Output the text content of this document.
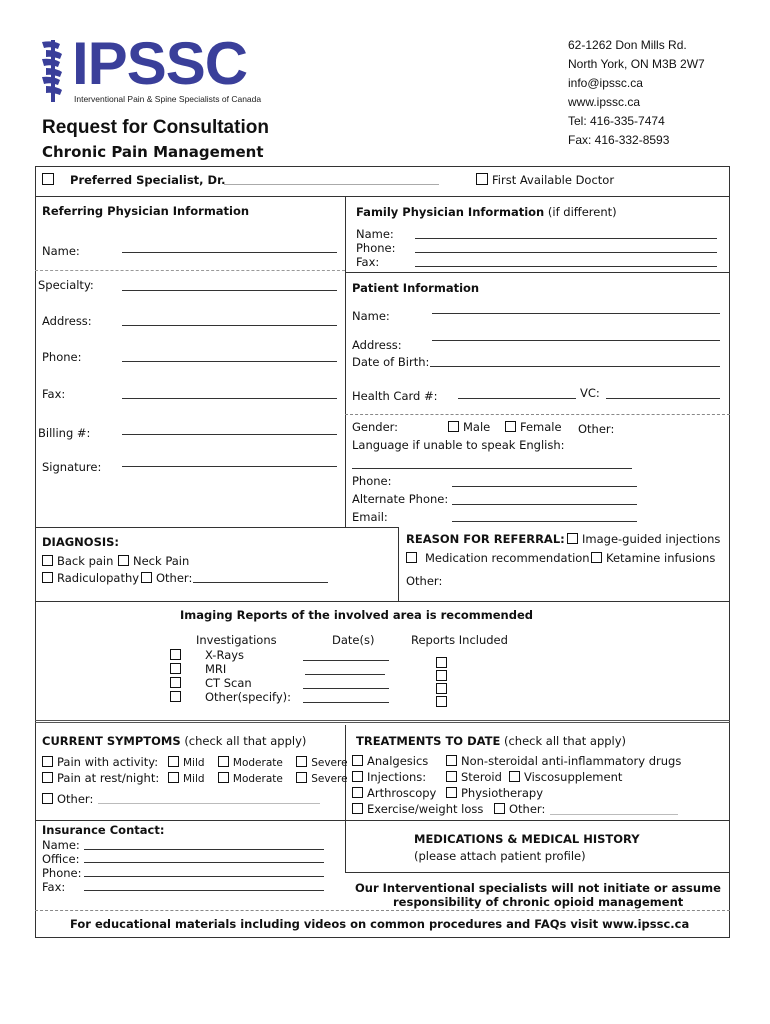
IPSSC
Interventional Pain & Spine Specialists of Canada
62-1262 Don Mills Rd.
North York, ON M3B 2W7
info@ipssc.ca
www.ipssc.ca
Tel: 416-335-7474
Fax: 416-332-8593
Request for Consultation
Chronic Pain Management
Preferred Specialist, Dr.	First Available Doctor
Referring Physician Information
Name:
Specialty:
Address:
Phone:
Fax:
Billing #:
Signature:
Family Physician Information (if different)
Name:
Phone:
Fax:
Patient Information
Name:
Address:
Date of Birth:
Health Card #:	VC:
Gender:	Male	Female Other:
Language if unable to speak English:
Phone:
Alternate Phone:
Email:
DIAGNOSIS:
Back pain	Neck Pain
Radiculopathy	Other:
REASON FOR REFERRAL:	Image-guided injections
Medication recommendation	Ketamine infusions
Other:
Imaging Reports of the involved area is recommended
Investigations	Date(s)	Reports Included
X-Rays
MRI
CT Scan
Other(specify):
CURRENT SYMPTOMS (check all that apply)
Pain with activity:	Mild	Moderate	Severe
Pain at rest/night:	Mild	Moderate	Severe
Other:
TREATMENTS TO DATE (check all that apply)
Analgesics	Non-steroidal anti-inflammatory drugs
Injections:	Steroid	Viscosupplement
Arthroscopy	Physiotherapy
Exercise/weight loss	Other:
Insurance Contact:
Name:
Office:
Phone:
Fax:
MEDICATIONS & MEDICAL HISTORY
(please attach patient profile)
Our Interventional specialists will not initiate or assume
responsibility of chronic opioid management
For educational materials including videos on common procedures and FAQs visit www.ipssc.ca
